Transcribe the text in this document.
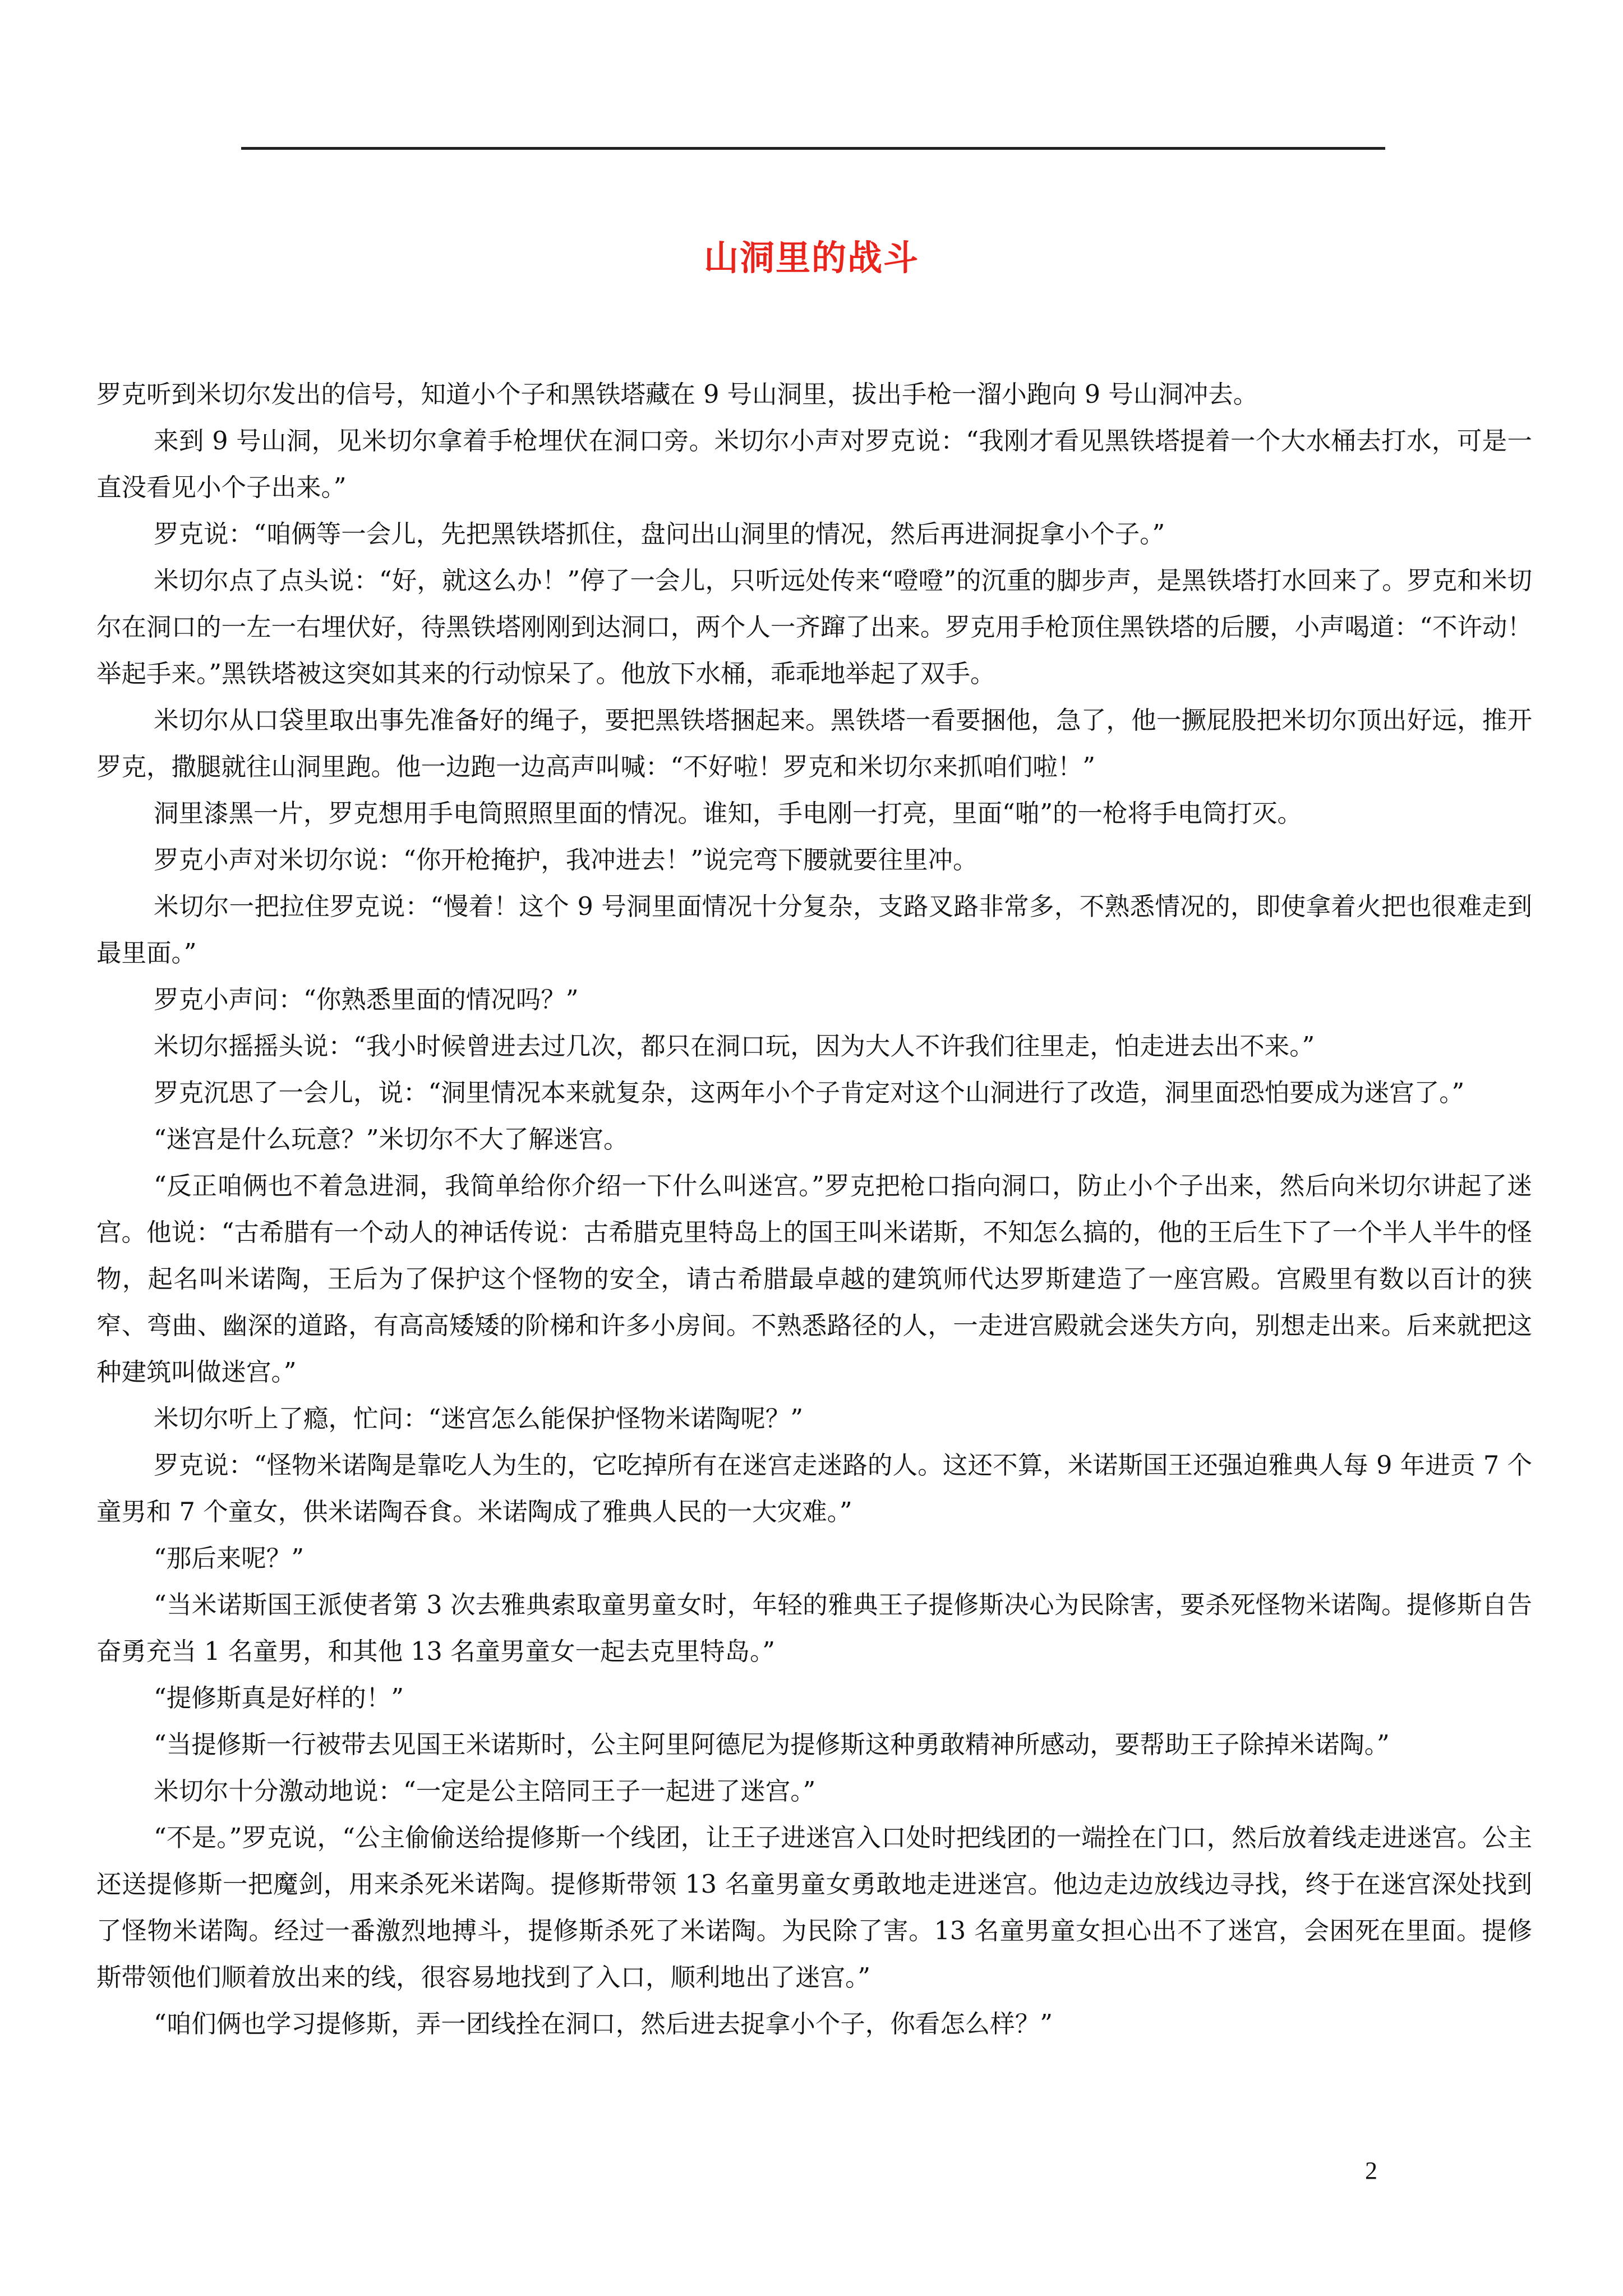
山洞里的战斗

罗克听到米切尔发出的信号，知道小个子和黑铁塔藏在 9 号山洞里，拔出手枪一溜小跑向 9 号山洞冲去。

来到 9 号山洞，见米切尔拿着手枪埋伏在洞口旁。米切尔小声对罗克说：“我刚才看见黑铁塔提着一个大水桶去打水，可是一直没看见小个子出来。”

罗克说：“咱俩等一会儿，先把黑铁塔抓住，盘问出山洞里的情况，然后再进洞捉拿小个子。”

米切尔点了点头说：“好，就这么办！”停了一会儿，只听远处传来“噔噔”的沉重的脚步声，是黑铁塔打水回来了。罗克和米切尔在洞口的一左一右埋伏好，待黑铁塔刚刚到达洞口，两个人一齐蹿了出来。罗克用手枪顶住黑铁塔的后腰，小声喝道：“不许动！举起手来。”黑铁塔被这突如其来的行动惊呆了。他放下水桶，乖乖地举起了双手。

米切尔从口袋里取出事先准备好的绳子，要把黑铁塔捆起来。黑铁塔一看要捆他，急了，他一撅屁股把米切尔顶出好远，推开罗克，撒腿就往山洞里跑。他一边跑一边高声叫喊：“不好啦！罗克和米切尔来抓咱们啦！”

洞里漆黑一片，罗克想用手电筒照照里面的情况。谁知，手电刚一打亮，里面“啪”的一枪将手电筒打灭。

罗克小声对米切尔说：“你开枪掩护，我冲进去！”说完弯下腰就要往里冲。

米切尔一把拉住罗克说：“慢着！这个 9 号洞里面情况十分复杂，支路叉路非常多，不熟悉情况的，即使拿着火把也很难走到最里面。”

罗克小声问：“你熟悉里面的情况吗？”

米切尔摇摇头说：“我小时候曾进去过几次，都只在洞口玩，因为大人不许我们往里走，怕走进去出不来。”

罗克沉思了一会儿，说：“洞里情况本来就复杂，这两年小个子肯定对这个山洞进行了改造，洞里面恐怕要成为迷宫了。”

“迷宫是什么玩意？”米切尔不大了解迷宫。

“反正咱俩也不着急进洞，我简单给你介绍一下什么叫迷宫。”罗克把枪口指向洞口，防止小个子出来，然后向米切尔讲起了迷宫。他说：“古希腊有一个动人的神话传说：古希腊克里特岛上的国王叫米诺斯，不知怎么搞的，他的王后生下了一个半人半牛的怪物，起名叫米诺陶，王后为了保护这个怪物的安全，请古希腊最卓越的建筑师代达罗斯建造了一座宫殿。宫殿里有数以百计的狭窄、弯曲、幽深的道路，有高高矮矮的阶梯和许多小房间。不熟悉路径的人，一走进宫殿就会迷失方向，别想走出来。后来就把这种建筑叫做迷宫。”

米切尔听上了瘾，忙问：“迷宫怎么能保护怪物米诺陶呢？”

罗克说：“怪物米诺陶是靠吃人为生的，它吃掉所有在迷宫走迷路的人。这还不算，米诺斯国王还强迫雅典人每 9 年进贡 7 个童男和 7 个童女，供米诺陶吞食。米诺陶成了雅典人民的一大灾难。”

“那后来呢？”

“当米诺斯国王派使者第 3 次去雅典索取童男童女时，年轻的雅典王子提修斯决心为民除害，要杀死怪物米诺陶。提修斯自告奋勇充当 1 名童男，和其他 13 名童男童女一起去克里特岛。”

“提修斯真是好样的！”

“当提修斯一行被带去见国王米诺斯时，公主阿里阿德尼为提修斯这种勇敢精神所感动，要帮助王子除掉米诺陶。”

米切尔十分激动地说：“一定是公主陪同王子一起进了迷宫。”

“不是。”罗克说，“公主偷偷送给提修斯一个线团，让王子进迷宫入口处时把线团的一端拴在门口，然后放着线走进迷宫。公主还送提修斯一把魔剑，用来杀死米诺陶。提修斯带领 13 名童男童女勇敢地走进迷宫。他边走边放线边寻找，终于在迷宫深处找到了怪物米诺陶。经过一番激烈地搏斗，提修斯杀死了米诺陶。为民除了害。13 名童男童女担心出不了迷宫，会困死在里面。提修斯带领他们顺着放出来的线，很容易地找到了入口，顺利地出了迷宫。”

“咱们俩也学习提修斯，弄一团线拴在洞口，然后进去捉拿小个子，你看怎么样？”

2
